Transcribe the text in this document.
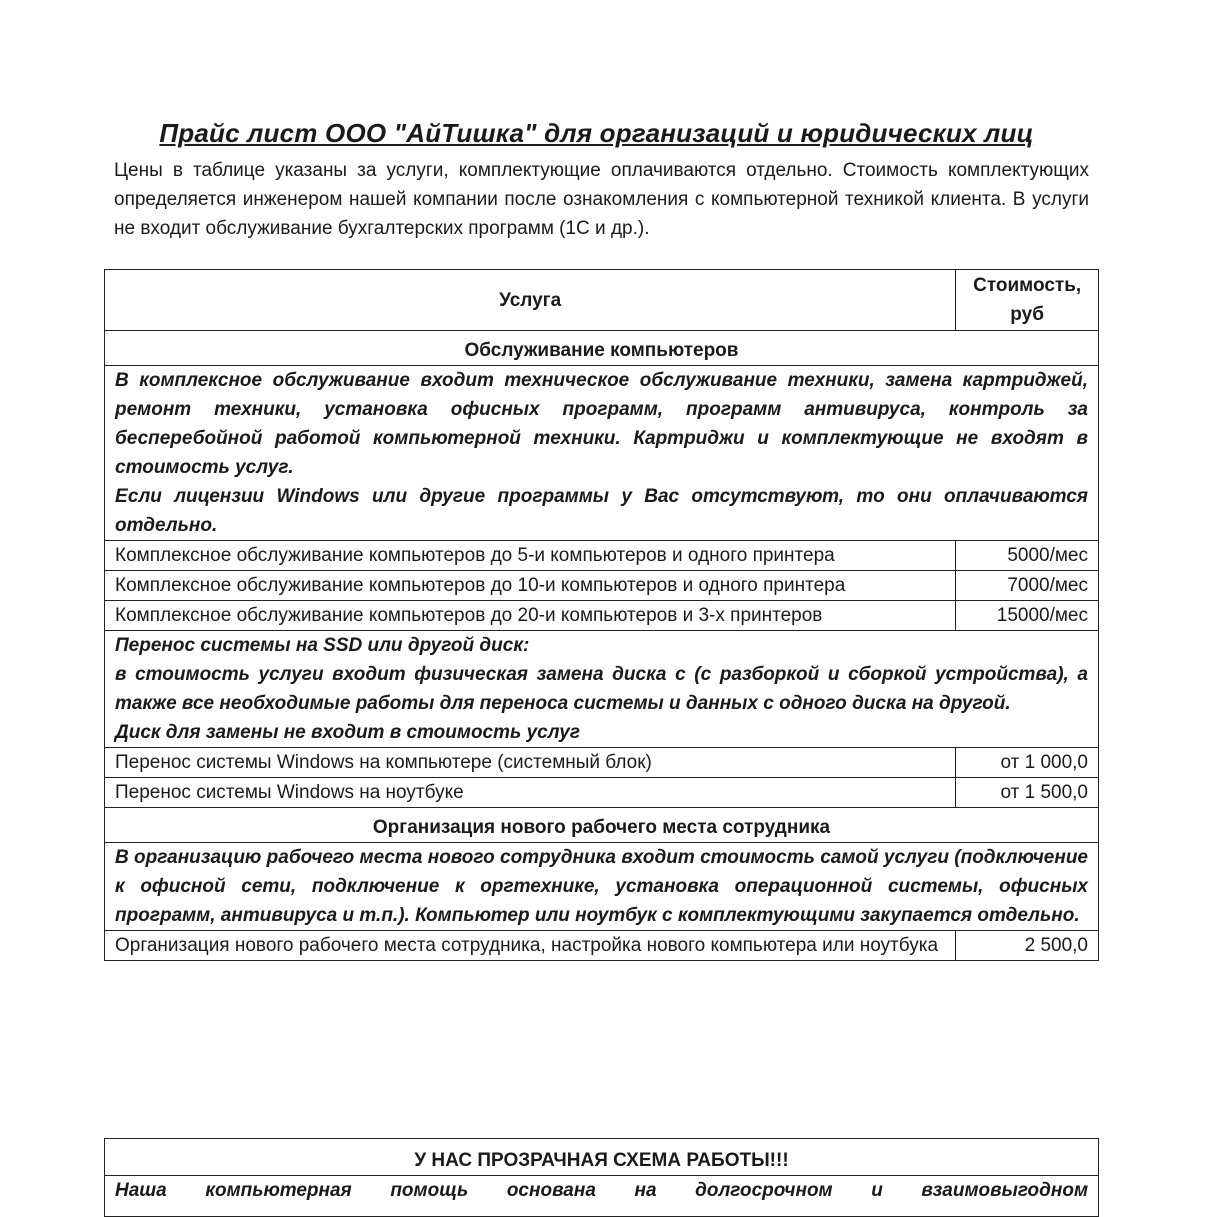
Прайс лист ООО "АйТишка" для организаций и юридических лиц
Цены в таблице указаны за услуги, комплектующие оплачиваются отдельно. Стоимость комплектующих определяется инженером нашей компании после ознакомления с компьютерной техникой клиента. В услуги не входит обслуживание бухгалтерских программ (1С и др.).
Услуга	Стоимость, руб
Обслуживание компьютеров	

В комплексное обслуживание входит техническое обслуживание техники, замена картриджей, ремонт техники, установка офисных программ, программ антивируса, контроль за бесперебойной работой компьютерной техники. Картриджи и комплектующие не входят в стоимость услуг.
Если лицензии Windows или другие программы у Вас отсутствуют, то они оплачиваются отдельно.	

Комплексное обслуживание компьютеров до 5-и компьютеров и одного принтера	5000/мес
Комплексное обслуживание компьютеров до 10-и компьютеров и одного принтера	7000/мес
Комплексное обслуживание компьютеров до 20-и компьютеров и 3-х принтеров	15000/мес

Перенос системы на SSD или другой диск:
в стоимость услуги входит физическая замена диска с (с разборкой и сборкой устройства), а также все необходимые работы для переноса системы и данных с одного диска на другой.
Диск для замены не входит в стоимость услуг	

Перенос системы Windows на компьютере (системный блок)	от 1 000,0
Перенос системы Windows на ноутбуке	от 1 500,0
Организация нового рабочего места сотрудника	

В организацию рабочего места нового сотрудника входит стоимость самой услуги (подключение к офисной сети, подключение к оргтехнике, установка операционной системы, офисных программ, антивируса и т.п.). Компьютер или ноутбук с комплектующими закупается отдельно.	

Организация нового рабочего места сотрудника, настройка нового компьютера или ноутбука	2 500,0
У НАС ПРОЗРАЧНАЯ СХЕМА РАБОТЫ!!!
Наша компьютерная помощь основана на долгосрочном и взаимовыгодном
